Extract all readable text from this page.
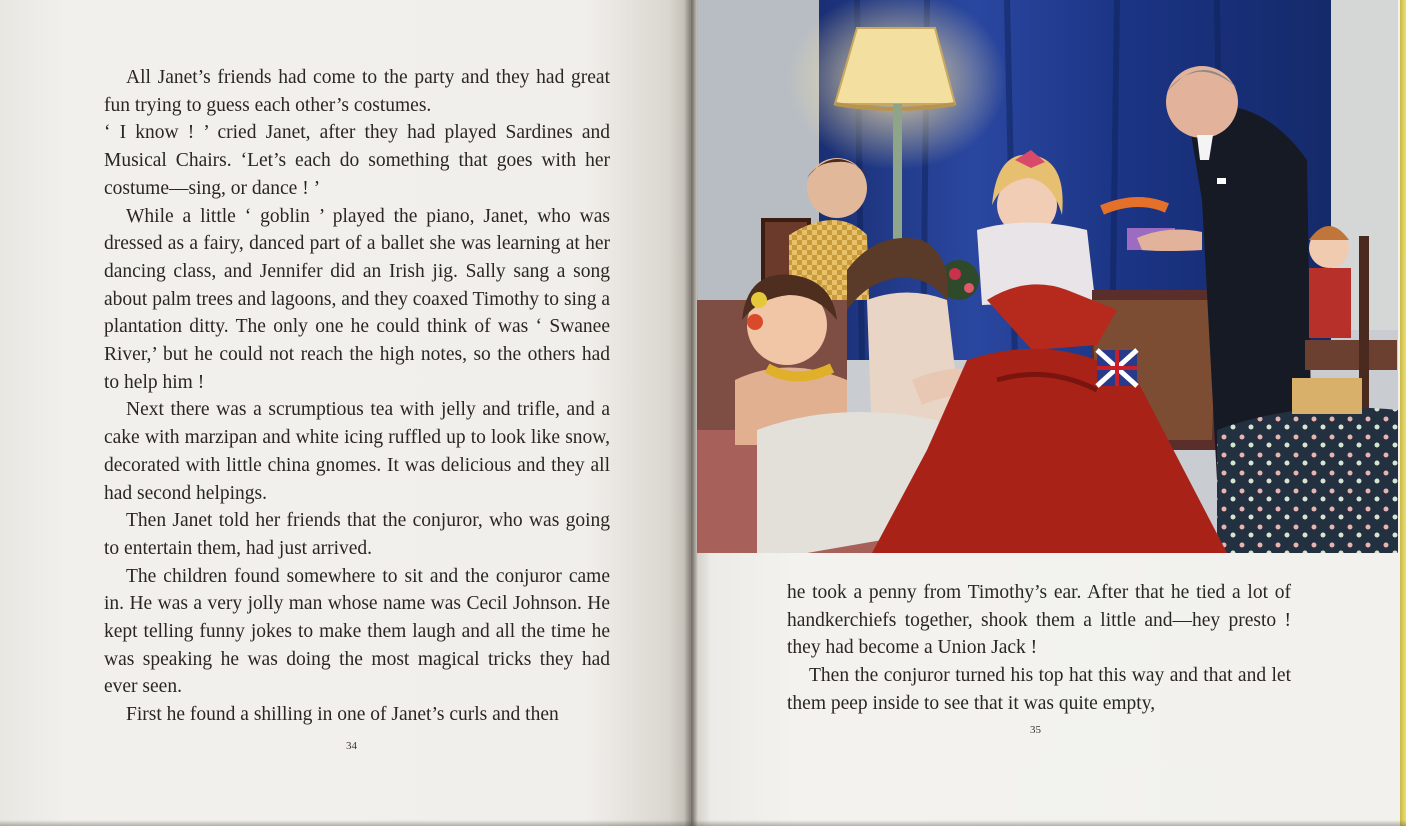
All Janet’s friends had come to the party and they had great fun trying to guess each other’s costumes.

‘ I know ! ’ cried Janet, after they had played Sardines and Musical Chairs. ‘Let’s each do something that goes with her costume—sing, or dance ! ’

While a little ‘ goblin ’ played the piano, Janet, who was dressed as a fairy, danced part of a ballet she was learning at her dancing class, and Jennifer did an Irish jig. Sally sang a song about palm trees and lagoons, and they coaxed Timothy to sing a plantation ditty. The only one he could think of was ‘ Swanee River,’ but he could not reach the high notes, so the others had to help him !

Next there was a scrumptious tea with jelly and trifle, and a cake with marzipan and white icing ruffled up to look like snow, decorated with little china gnomes. It was delicious and they all had second helpings.

Then Janet told her friends that the conjuror, who was going to entertain them, had just arrived.

The children found somewhere to sit and the conjuror came in. He was a very jolly man whose name was Cecil Johnson. He kept telling funny jokes to make them laugh and all the time he was speaking he was doing the most magical tricks they had ever seen.

First he found a shilling in one of Janet’s curls and then

34

he took a penny from Timothy’s ear. After that he tied a lot of handkerchiefs together, shook them a little and—hey presto ! they had become a Union Jack !

Then the conjuror turned his top hat this way and that and let them peep inside to see that it was quite empty,

35
